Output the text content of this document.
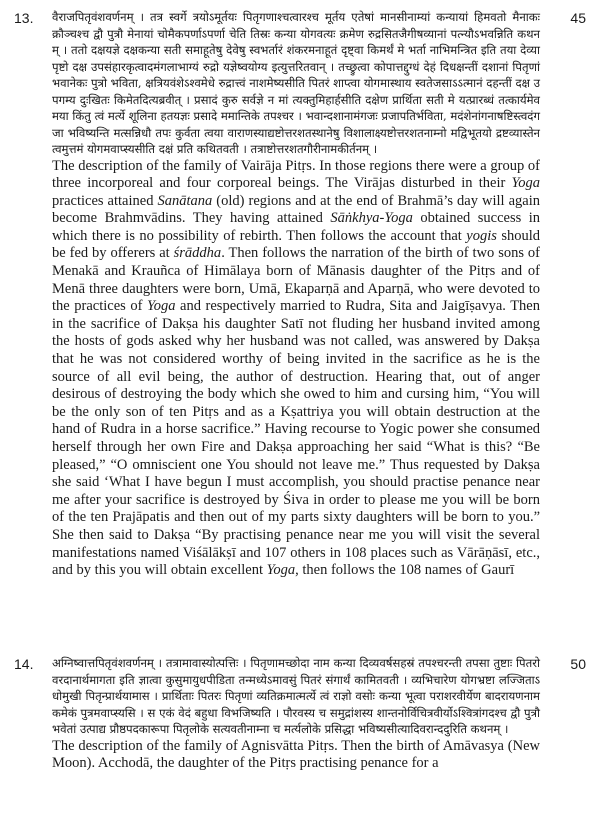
13.	45

वैराजपितृवंशवर्णनम् । तत्र स्वर्गे त्रयोऽमूर्तयः पितृगणाश्चत्वारश्च मूर्तय एतेषां मानसीनाम्यां कन्यायां हिमवतो मैनाकः क्रौञ्चश्च द्वौ पुत्रौ मेनायां चोमैकपर्णाऽपर्णा चेति तिस्रः कन्या योगवत्यः क्रमेण रुद्रसितजैगीषव्यानां पत्न्यौऽभवन्निति कथनम् । ततो दक्षयज्ञे दक्षकन्या सती समाहूतेषु देवेषु स्वभर्तारं शंकरमनाहूतं दृष्ट्वा किमर्थं मे भर्ता नाभिमन्त्रित इति तया देव्या पृष्टो दक्ष उपसंहारकृत्वादमंगलाभाग्यं रुद्रो यज्ञेष्वयोग्य इत्युत्तरितवान् । तच्छ्रुत्वा कोपात्तद्दुग्धं देहं दिधक्षन्तीं दशानां पितृणां भवानेकः पुत्रो भविता, क्षत्रियवंशेऽश्वमेधे रुद्रात्त्वं नाशमेष्यसीति पितरं शाप्त्वा योगमास्थाय स्वतेजसाऽऽत्मानं दहन्तीं दक्ष उपगम्य दुःखितः किमेतदित्यब्रवीत् । प्रसादं कुरु सर्वज्ञे न मां त्यक्तुमिहार्हसीति दक्षेण प्रार्थिता सती मे यत्प्रारब्धं तत्कार्यमेव मया किंतु त्वं मर्त्ये शूलिना हतयज्ञः प्रसादे ममान्तिके तपश्चर । भवान्दशानामंगजः प्रजापतिर्भविता, मदंशेनांगनाषष्टिस्त्वदंगजा भविष्यन्ति मत्सन्निधौ तपः कुर्वता त्वया वाराणस्याद्यष्टोत्तरशतस्थानेषु विशालाक्ष्यष्टोत्तरशतनाम्नो मद्विभूतयो द्रष्टव्यास्तेन त्वमुत्तमं योगमवाप्स्यसीति दक्षं प्रति कथितवती । तत्राष्टोत्तरशतगौरीनामकीर्तनम् ।

The description of the family of Vairāja Pitṛs. In those regions there were a group of three incorporeal and four corporeal beings. The Virājas disturbed in their Yoga practices attained Sanātana (old) regions and at the end of Brahmā’s day will again become Brahmvādins. They having attained Sāṅkhya-Yoga obtained success in which there is no possibility of rebirth. Then follows the account that yogis should be fed by offerers at śrāddha. Then follows the narration of the birth of two sons of Menakā and Krauñca of Himālaya born of Mānasis daughter of the Pitṛs and of Menā three daughters were born, Umā, Ekaparṇā and Aparṇā, who were devoted to the practices of Yoga and respectively married to Rudra, Sita and Jaigīṣavya. Then in the sacrifice of Dakṣa his daughter Satī not fluding her husband invited among the hosts of gods asked why her husband was not called, was answered by Dakṣa that he was not considered worthy of being invited in the sacrifice as he is the source of all evil being, the author of destruction. Hearing that, out of anger desirous of destroying the body which she owed to him and cursing him, “You will be the only son of ten Pitṛs and as a Kṣattriya you will obtain destruction at the hand of Rudra in a horse sacrifice.” Having recourse to Yogic power she consumed herself through her own Fire and Dakṣa approaching her said “What is this? “Be pleased,” “O omniscient one You should not leave me.” Thus requested by Dakṣa she said ‘What I have begun I must accomplish, you should practise penance near me after your sacrifice is destroyed by Śiva in order to please me you will be born of the ten Prajāpatis and then out of my parts sixty daughters will be born to you.” She then said to Dakṣa “By practising penance near me you will visit the several manifestations named Viśālākṣī and 107 others in 108 places such as Vārāṇāsī, etc., and by this you will obtain excellent Yoga, then follows the 108 names of Gaurī

14.	50

अग्निष्वात्तपितृवंशवर्णनम् । तत्रामावास्योत्पत्तिः । पितृणामच्छोदा नाम कन्या दिव्यवर्षसहस्रं तपश्चरन्ती तपसा तुष्टाः पितरो वरदानार्थमागता इति ज्ञात्वा कुसुमायुधपीडिता तन्मध्येऽमावसुं पितरं संगार्थं कामितवती । व्यभिचारेण योगभ्रष्टा लज्जिताऽधोमुखी पितृन्प्रार्थयामास । प्रार्थिताः पितरः पितृणां व्यतिक्रमात्मर्त्ये त्वं राज्ञो वसोः कन्या भूत्वा पराशरवीर्येण बादरायणनामकमेकं पुत्रमवाप्स्यसि । स एकं वेदं बहुधा विभजिष्यति । पौरवस्य च समुद्रांशस्य शान्तनोर्विचित्रवीर्योऽश्वित्रांगदश्च द्वौ पुत्रौ भवेतां उत्पाद्य प्रौष्ठपदकारूपा पितृलोके सत्यवतीनाम्ना च मर्त्यलोके प्रसिद्धा भविष्यसीत्यादिवरान्ददुरिति कथनम् ।

The description of the family of Agnisvātta Pitṛs. Then the birth of Amāvasya (New Moon). Acchodā, the daughter of the Pitṛs practising penance for a
